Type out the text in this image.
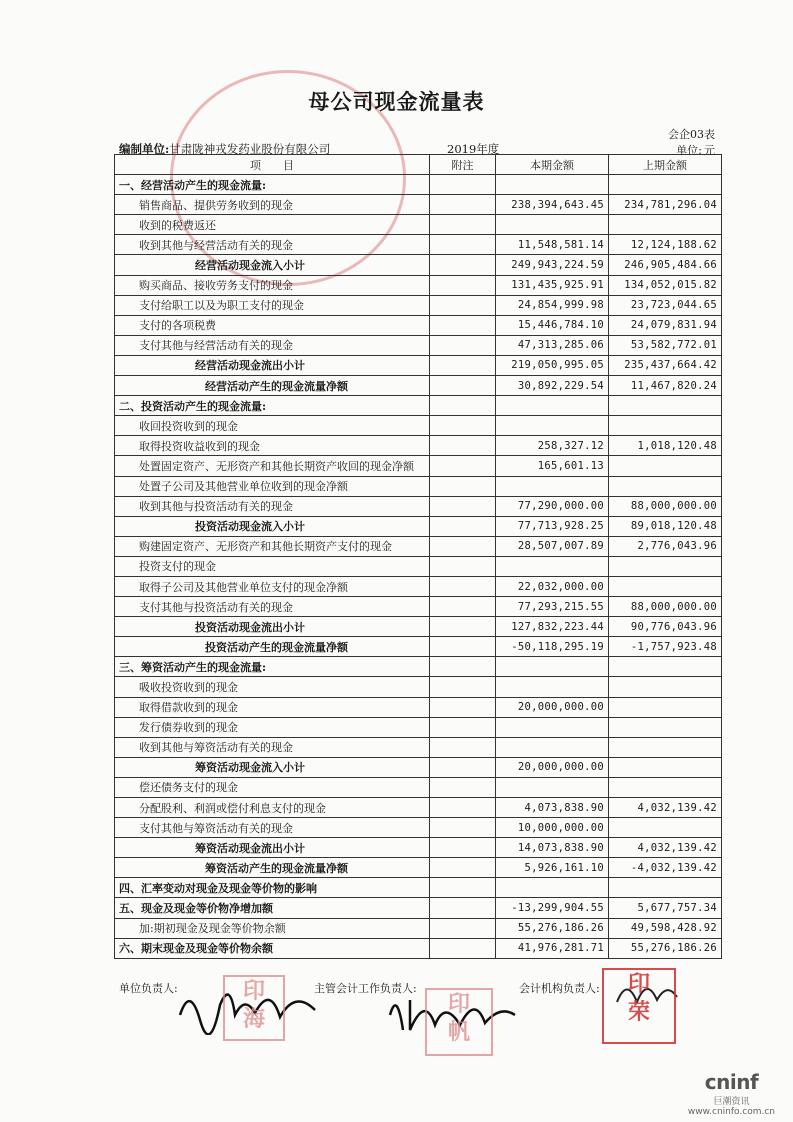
母公司现金流量表
会企03表
单位: 元
编制单位:甘肃陇神戎发药业股份有限公司	2019年度
项　　目	附注	本期金额	上期金额
一、经营活动产生的现金流量:			
销售商品、提供劳务收到的现金		238,394,643.45	234,781,296.04
收到的税费返还			
收到其他与经营活动有关的现金		11,548,581.14	12,124,188.62
经营活动现金流入小计		249,943,224.59	246,905,484.66
购买商品、接收劳务支付的现金		131,435,925.91	134,052,015.82
支付给职工以及为职工支付的现金		24,854,999.98	23,723,044.65
支付的各项税费		15,446,784.10	24,079,831.94
支付其他与经营活动有关的现金		47,313,285.06	53,582,772.01
经营活动现金流出小计		219,050,995.05	235,437,664.42
经营活动产生的现金流量净额		30,892,229.54	11,467,820.24
二、投资活动产生的现金流量:			
收回投资收到的现金			
取得投资收益收到的现金		258,327.12	1,018,120.48
处置固定资产、无形资产和其他长期资产收回的现金净额		165,601.13	
处置子公司及其他营业单位收到的现金净额			
收到其他与投资活动有关的现金		77,290,000.00	88,000,000.00
投资活动现金流入小计		77,713,928.25	89,018,120.48
购建固定资产、无形资产和其他长期资产支付的现金		28,507,007.89	2,776,043.96
投资支付的现金			
取得子公司及其他营业单位支付的现金净额		22,032,000.00	
支付其他与投资活动有关的现金		77,293,215.55	88,000,000.00
投资活动现金流出小计		127,832,223.44	90,776,043.96
投资活动产生的现金流量净额		-50,118,295.19	-1,757,923.48
三、筹资活动产生的现金流量:			
吸收投资收到的现金			
取得借款收到的现金		20,000,000.00	
发行债券收到的现金			
收到其他与筹资活动有关的现金			
筹资活动现金流入小计		20,000,000.00	
偿还债务支付的现金			
分配股利、利润或偿付利息支付的现金		4,073,838.90	4,032,139.42
支付其他与筹资活动有关的现金		10,000,000.00	
筹资活动现金流出小计		14,073,838.90	4,032,139.42
筹资活动产生的现金流量净额		5,926,161.10	-4,032,139.42
四、汇率变动对现金及现金等价物的影响			
五、现金及现金等价物净增加额		-13,299,904.55	5,677,757.34
加:期初现金及现金等价物余额		55,276,186.26	49,598,428.92
六、期末现金及现金等价物余额		41,976,281.71	55,276,186.26
单位负责人:	主管会计工作负责人:	会计机构负责人:
印
海
印
帆
印
荣
cninf
巨潮资讯
www.cninfo.com.cn
